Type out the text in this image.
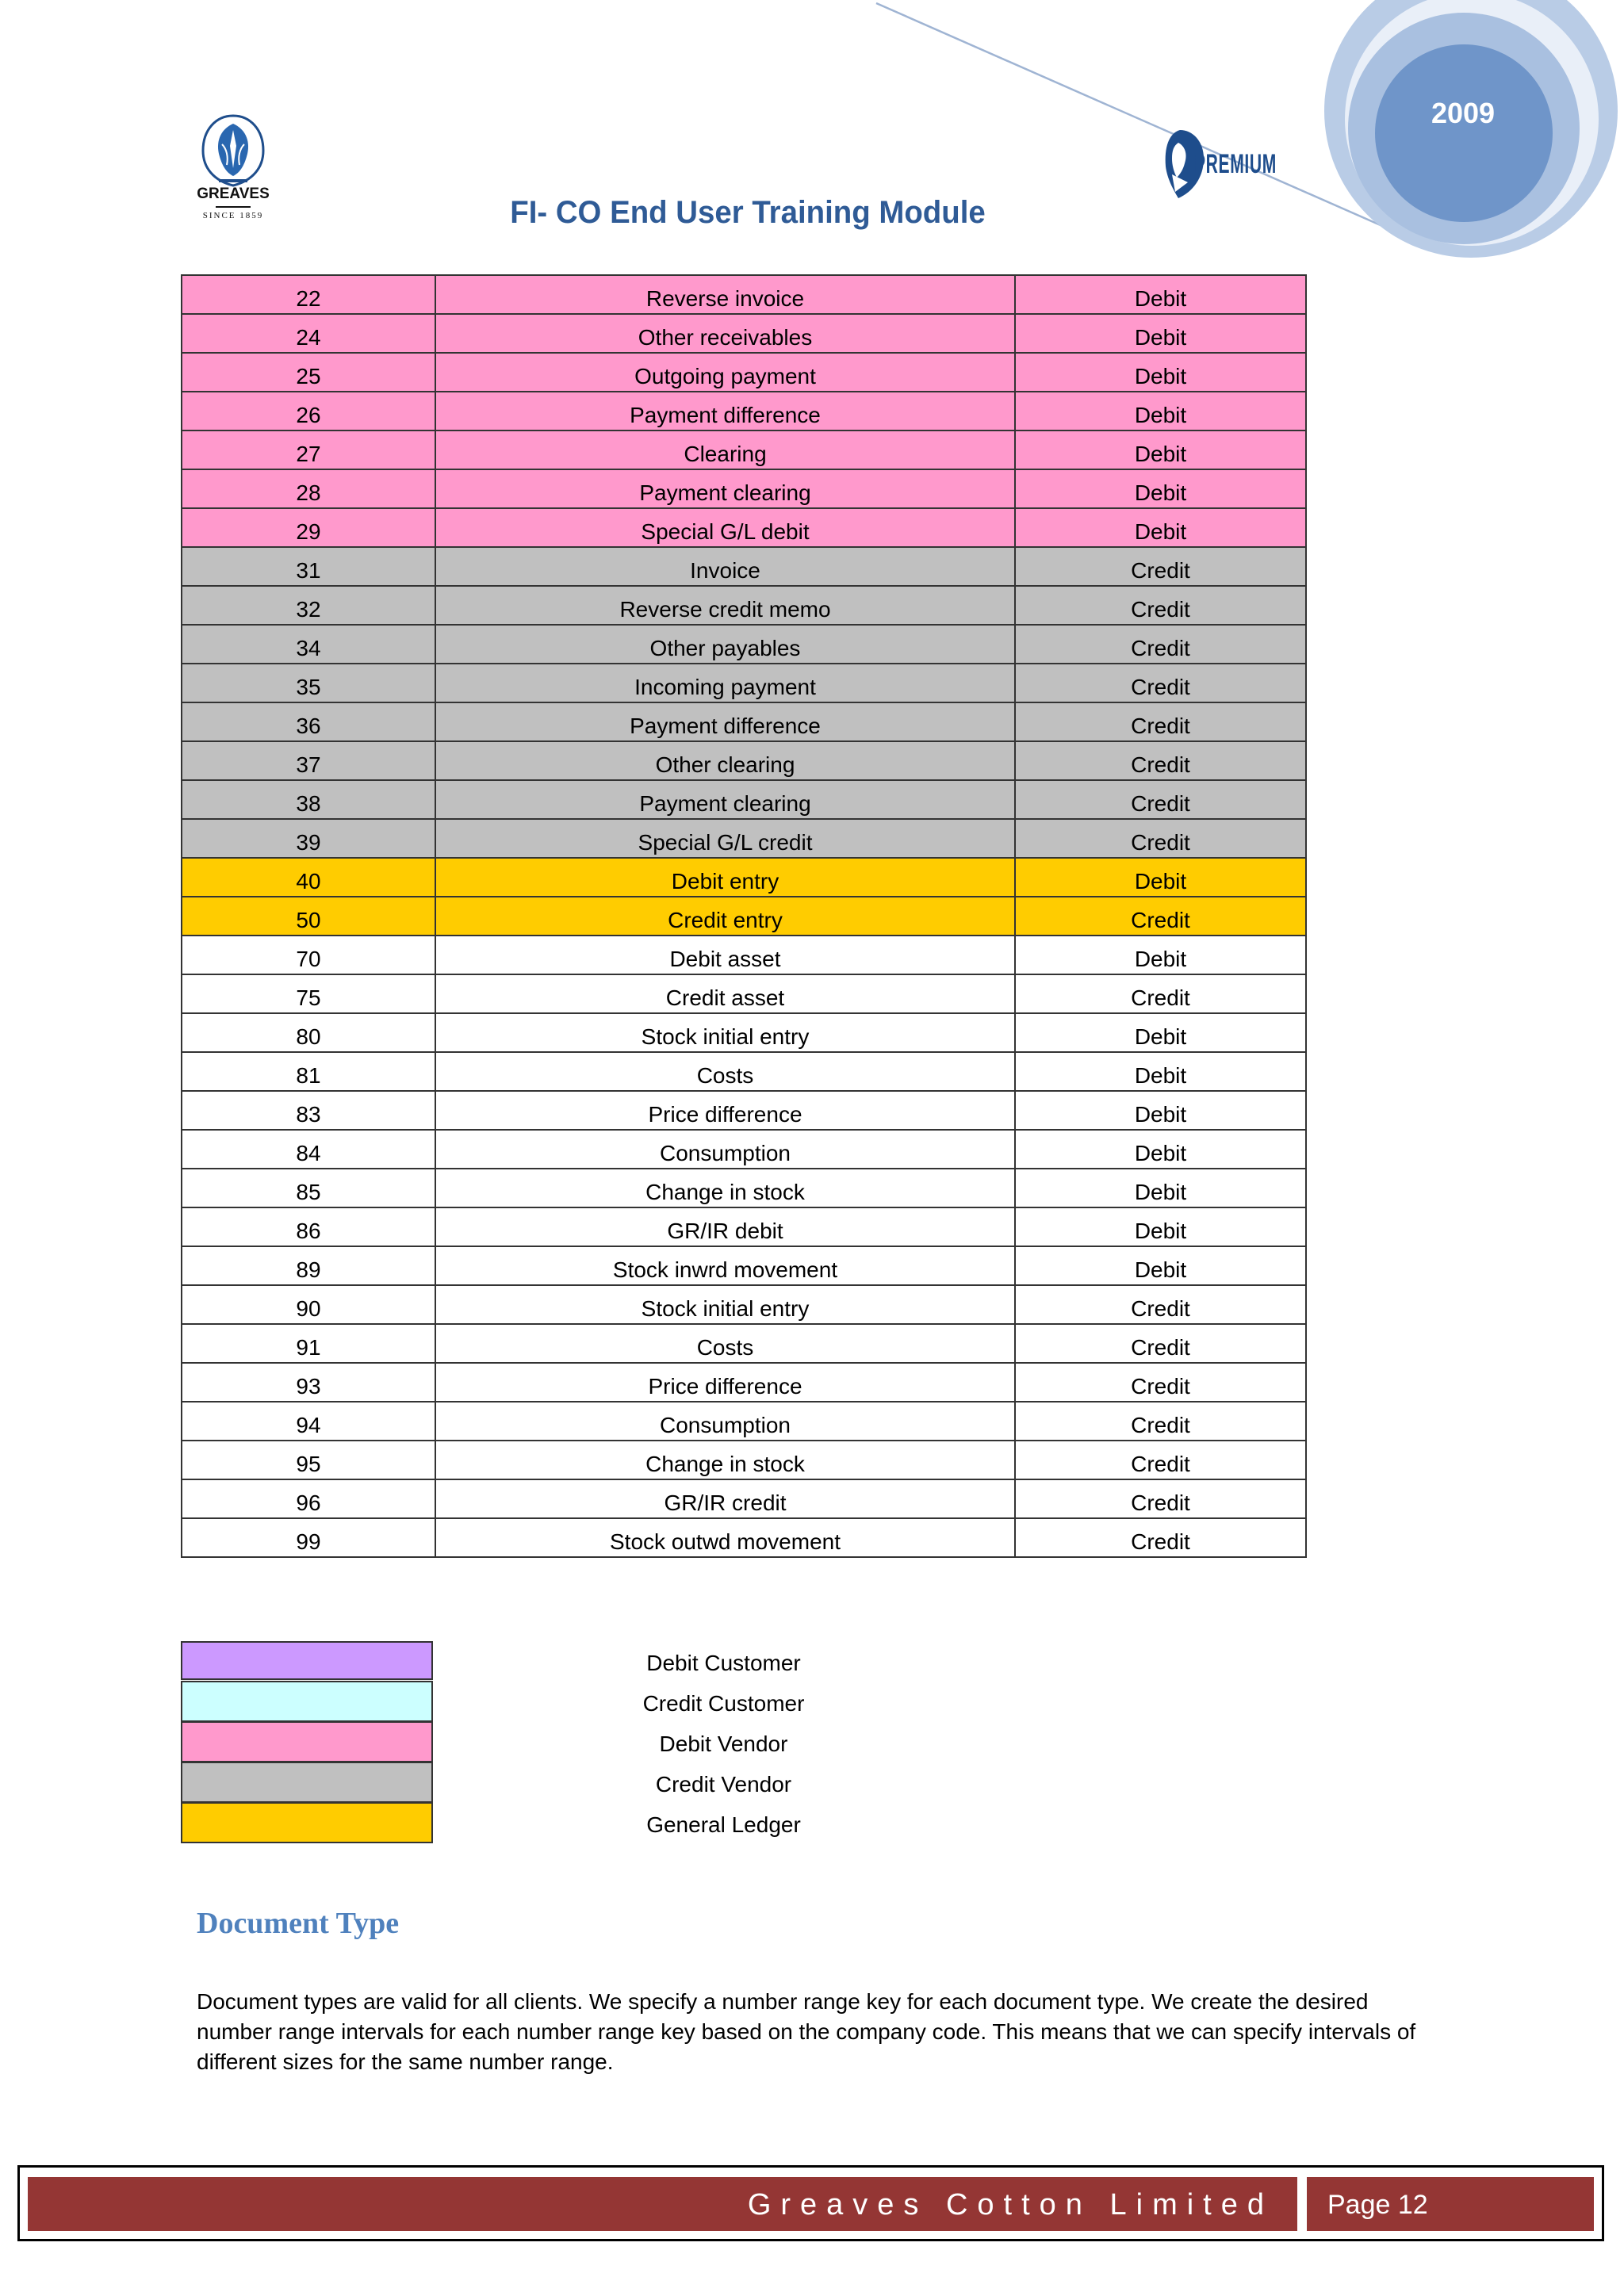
2009
GREAVES
SINCE 1859
PREMIUM
FI- CO End User Training Module
22	Reverse invoice	Debit
24	Other receivables	Debit
25	Outgoing payment	Debit
26	Payment difference	Debit
27	Clearing	Debit
28	Payment clearing	Debit
29	Special G/L debit	Debit
31	Invoice	Credit
32	Reverse credit memo	Credit
34	Other payables	Credit
35	Incoming payment	Credit
36	Payment difference	Credit
37	Other clearing	Credit
38	Payment clearing	Credit
39	Special G/L credit	Credit
40	Debit entry	Debit
50	Credit entry	Credit
70	Debit asset	Debit
75	Credit asset	Credit
80	Stock initial entry	Debit
81	Costs	Debit
83	Price difference	Debit
84	Consumption	Debit
85	Change in stock	Debit
86	GR/IR debit	Debit
89	Stock inwrd movement	Debit
90	Stock initial entry	Credit
91	Costs	Credit
93	Price difference	Credit
94	Consumption	Credit
95	Change in stock	Credit
96	GR/IR credit	Credit
99	Stock outwd movement	Credit
Debit Customer
Credit Customer
Debit Vendor
Credit Vendor
General Ledger
Document Type
Document types are valid for all clients. We specify a number range key for each document type. We create the desired number range intervals for each number range key based on the company code. This means that we can specify intervals of different sizes for the same number range.
Greaves Cotton Limited Page 12
